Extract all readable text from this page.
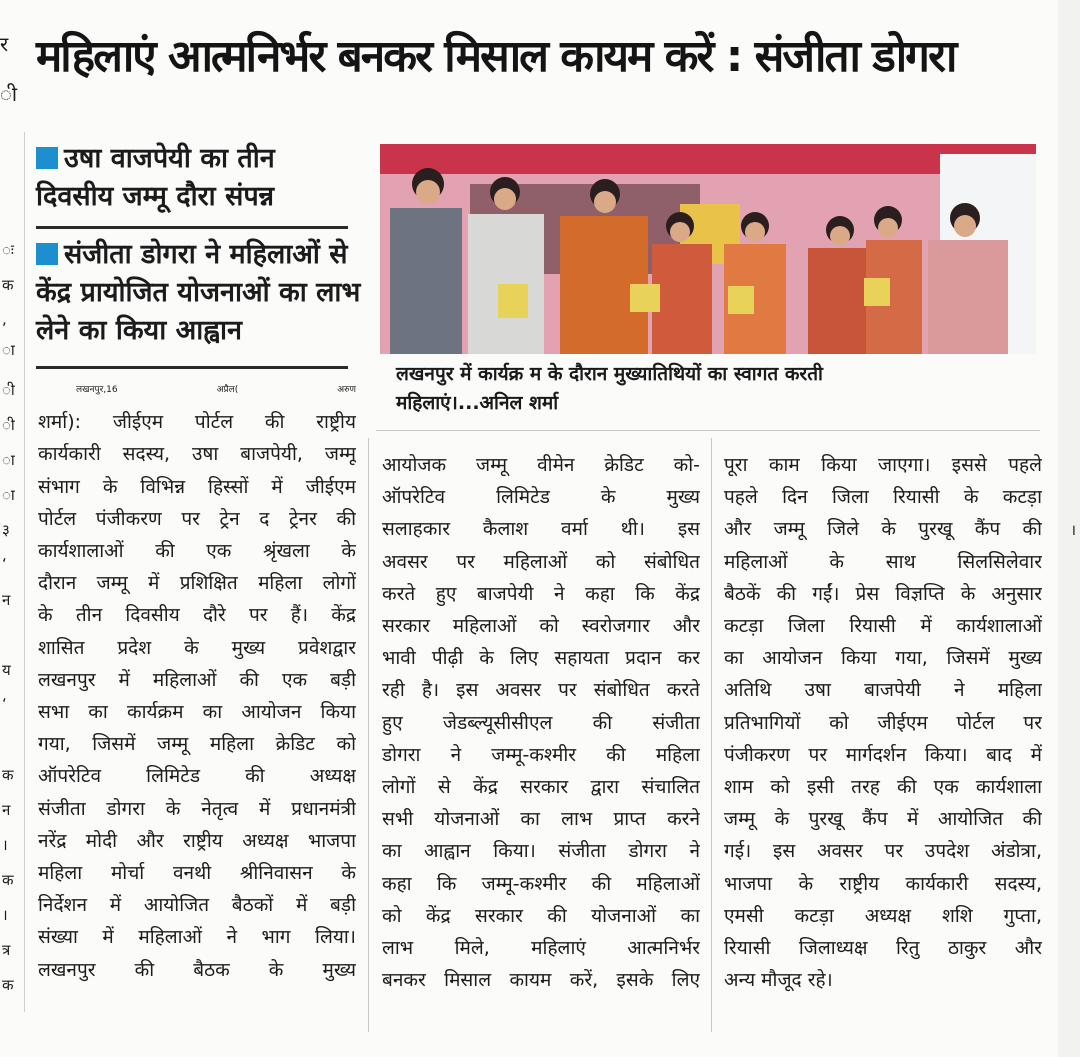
र
ी
ः
क
,
ा
ी
ी
ा
ा
३
‘
न
य
‘
क
न
।
क
।
त्र
क
।
महिलाएं आत्मनिर्भर बनकर मिसाल कायम करें : संजीता डोगरा
उषा वाजपेयी का तीन
दिवसीय जम्मू दौरा संपन्न
संजीता डोगरा ने महिलाओं से
केंद्र प्रायोजित योजनाओं का लाभ
लेने का किया आह्वान
लखनपुर में कार्यक्र म के दौरान मुख्यातिथियों का स्वागत करती
महिलाएं।...अनिल शर्मा
लखनपुर,16 अप्रैल( अरुण
शर्मा): जीईएम पोर्टल की राष्ट्रीय
कार्यकारी सदस्य, उषा बाजपेयी, जम्मू
संभाग के विभिन्न हिस्सों में जीईएम
पोर्टल पंजीकरण पर ट्रेन द ट्रेनर की
कार्यशालाओं की एक श्रृंखला के
दौरान जम्मू में प्रशिक्षित महिला लोगों
के तीन दिवसीय दौरे पर हैं। केंद्र
शासित प्रदेश के मुख्य प्रवेशद्वार
लखनपुर में महिलाओं की एक बड़ी
सभा का कार्यक्रम का आयोजन किया
गया, जिसमें जम्मू महिला क्रेडिट को
ऑपरेटिव लिमिटेड की अध्यक्ष
संजीता डोगरा के नेतृत्व में प्रधानमंत्री
नरेंद्र मोदी और राष्ट्रीय अध्यक्ष भाजपा
महिला मोर्चा वनथी श्रीनिवासन के
निर्देशन में आयोजित बैठकों में बड़ी
संख्या में महिलाओं ने भाग लिया।
लखनपुर की बैठक के मुख्य
आयोजक जम्मू वीमेन क्रेडिट को-
ऑपरेटिव लिमिटेड के मुख्य
सलाहकार कैलाश वर्मा थी। इस
अवसर पर महिलाओं को संबोधित
करते हुए बाजपेयी ने कहा कि केंद्र
सरकार महिलाओं को स्वरोजगार और
भावी पीढ़ी के लिए सहायता प्रदान कर
रही है। इस अवसर पर संबोधित करते
हुए जेडब्ल्यूसीसीएल की संजीता
डोगरा ने जम्मू-कश्मीर की महिला
लोगों से केंद्र सरकार द्वारा संचालित
सभी योजनाओं का लाभ प्राप्त करने
का आह्वान किया। संजीता डोगरा ने
कहा कि जम्मू-कश्मीर की महिलाओं
को केंद्र सरकार की योजनाओं का
लाभ मिले, महिलाएं आत्मनिर्भर
बनकर मिसाल कायम करें, इसके लिए
पूरा काम किया जाएगा। इससे पहले
पहले दिन जिला रियासी के कटड़ा
और जम्मू जिले के पुरखू कैंप की
महिलाओं के साथ सिलसिलेवार
बैठकें की गईं। प्रेस विज्ञप्ति के अनुसार
कटड़ा जिला रियासी में कार्यशालाओं
का आयोजन किया गया, जिसमें मुख्य
अतिथि उषा बाजपेयी ने महिला
प्रतिभागियों को जीईएम पोर्टल पर
पंजीकरण पर मार्गदर्शन किया। बाद में
शाम को इसी तरह की एक कार्यशाला
जम्मू के पुरखू कैंप में आयोजित की
गई। इस अवसर पर उपदेश अंडोत्रा,
भाजपा के राष्ट्रीय कार्यकारी सदस्य,
एमसी कटड़ा अध्यक्ष शशि गुप्ता,
रियासी जिलाध्यक्ष रितु ठाकुर और
अन्य मौजूद रहे।
